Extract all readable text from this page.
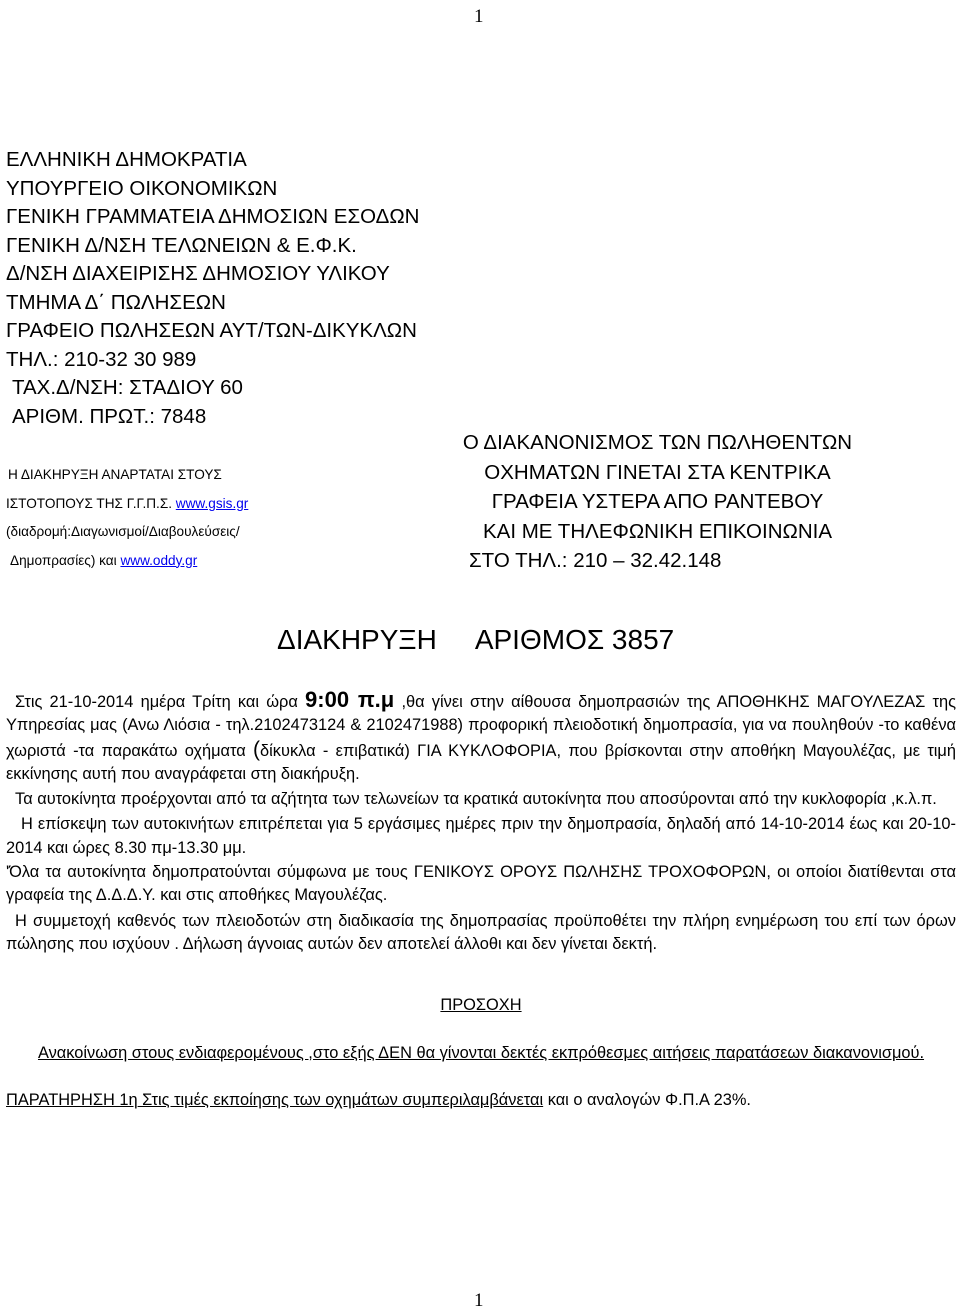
1
ΕΛΛΗΝΙΚΗ ΔΗΜΟΚΡΑΤΙΑ
ΥΠΟΥΡΓΕΙΟ ΟΙΚΟΝΟΜΙΚΩΝ
ΓΕΝΙΚΗ ΓΡΑΜΜΑΤΕΙΑ ΔΗΜΟΣΙΩΝ ΕΣΟΔΩΝ
ΓΕΝΙΚΗ Δ/ΝΣΗ ΤΕΛΩΝΕΙΩΝ & Ε.Φ.Κ.
Δ/ΝΣΗ ΔΙΑΧΕΙΡΙΣΗΣ ΔΗΜΟΣΙΟΥ ΥΛΙΚΟΥ
ΤΜΗΜΑ Δ΄ ΠΩΛΗΣΕΩΝ
ΓΡΑΦΕΙΟ ΠΩΛΗΣΕΩΝ ΑΥΤ/ΤΩΝ-ΔΙΚΥΚΛΩΝ
ΤΗΛ.: 210-32 30 989
ΤΑΧ.Δ/ΝΣΗ: ΣΤΑΔΙΟΥ 60
ΑΡΙΘΜ. ΠΡΩΤ.: 7848
Η ΔΙΑΚΗΡΥΞΗ ΑΝΑΡΤΑΤΑΙ ΣΤΟΥΣ
ΙΣΤΟΤΟΠΟΥΣ ΤΗΣ Γ.Γ.Π.Σ. www.gsis.gr
(διαδρομή:Διαγωνισμοί/Διαβουλεύσεις/
Δημοπρασίες) και www.oddy.gr
Ο ΔΙΑΚΑΝΟΝΙΣΜΟΣ ΤΩΝ ΠΩΛΗΘΕΝΤΩΝ
ΟΧΗΜΑΤΩΝ ΓΙΝΕΤΑΙ ΣΤΑ ΚΕΝΤΡΙΚΑ
ΓΡΑΦΕΙΑ ΥΣΤΕΡΑ ΑΠΟ ΡΑΝΤΕΒΟΥ
ΚΑΙ ΜΕ ΤΗΛΕΦΩΝΙΚΗ ΕΠΙΚΟΙΝΩΝΙΑ
ΣΤΟ ΤΗΛ.: 210 – 32.42.148
ΔΙΑΚΗΡΥΞΗ ΑΡΙΘΜΟΣ 3857

Στις 21-10-2014 ημέρα Τρίτη και ώρα 9:00 π.μ ,θα γίνει στην αίθουσα δημοπρασιών της ΑΠΟΘΗΚΗΣ ΜΑΓΟΥΛΕΖΑΣ της Υπηρεσίας μας (Ανω Λιόσια - τηλ.2102473124 & 2102471988) προφορική πλειοδοτική δημοπρασία, για να πουληθούν -το καθένα χωριστά -τα παρακάτω οχήματα (δίκυκλα - επιβατικά) ΓΙΑ ΚΥΚΛΟΦΟΡΙΑ, που βρίσκονται στην αποθήκη Μαγουλέζας, με τιμή εκκίνησης αυτή που αναγράφεται στη διακήρυξη.

Τα αυτοκίνητα προέρχονται από τα αζήτητα των τελωνείων τα κρατικά αυτοκίνητα που αποσύρονται από την κυκλοφορία ,κ.λ.π.

Η επίσκεψη των αυτοκινήτων επιτρέπεται για 5 εργάσιμες ημέρες πριν την δημοπρασία, δηλαδή από 14-10-2014 έως και 20-10-2014 και ώρες 8.30 πμ-13.30 μμ.

'Όλα τα αυτοκίνητα δημοπρατούνται σύμφωνα με τους ΓΕΝΙΚΟΥΣ ΟΡΟΥΣ ΠΩΛΗΣΗΣ ΤΡΟΧΟΦΟΡΩΝ, οι οποίοι διατίθενται στα γραφεία της Δ.Δ.Δ.Υ. και στις αποθήκες Μαγουλέζας.

Η συμμετοχή καθενός των πλειοδοτών στη διαδικασία της δημοπρασίας προϋποθέτει την πλήρη ενημέρωση του επί των όρων πώλησης που ισχύουν . Δήλωση άγνοιας αυτών δεν αποτελεί άλλοθι και δεν γίνεται δεκτή.

ΠΡΟΣΟΧΗ

Ανακοίνωση στους ενδιαφερομένους ,στο εξής ΔΕΝ θα γίνονται δεκτές εκπρόθεσμες αιτήσεις παρατάσεων διακανονισμού.

ΠΑΡΑΤΗΡΗΣΗ 1η Στις τιμές εκποίησης των οχημάτων συμπεριλαμβάνεται και ο αναλογών Φ.Π.Α 23%.

1
